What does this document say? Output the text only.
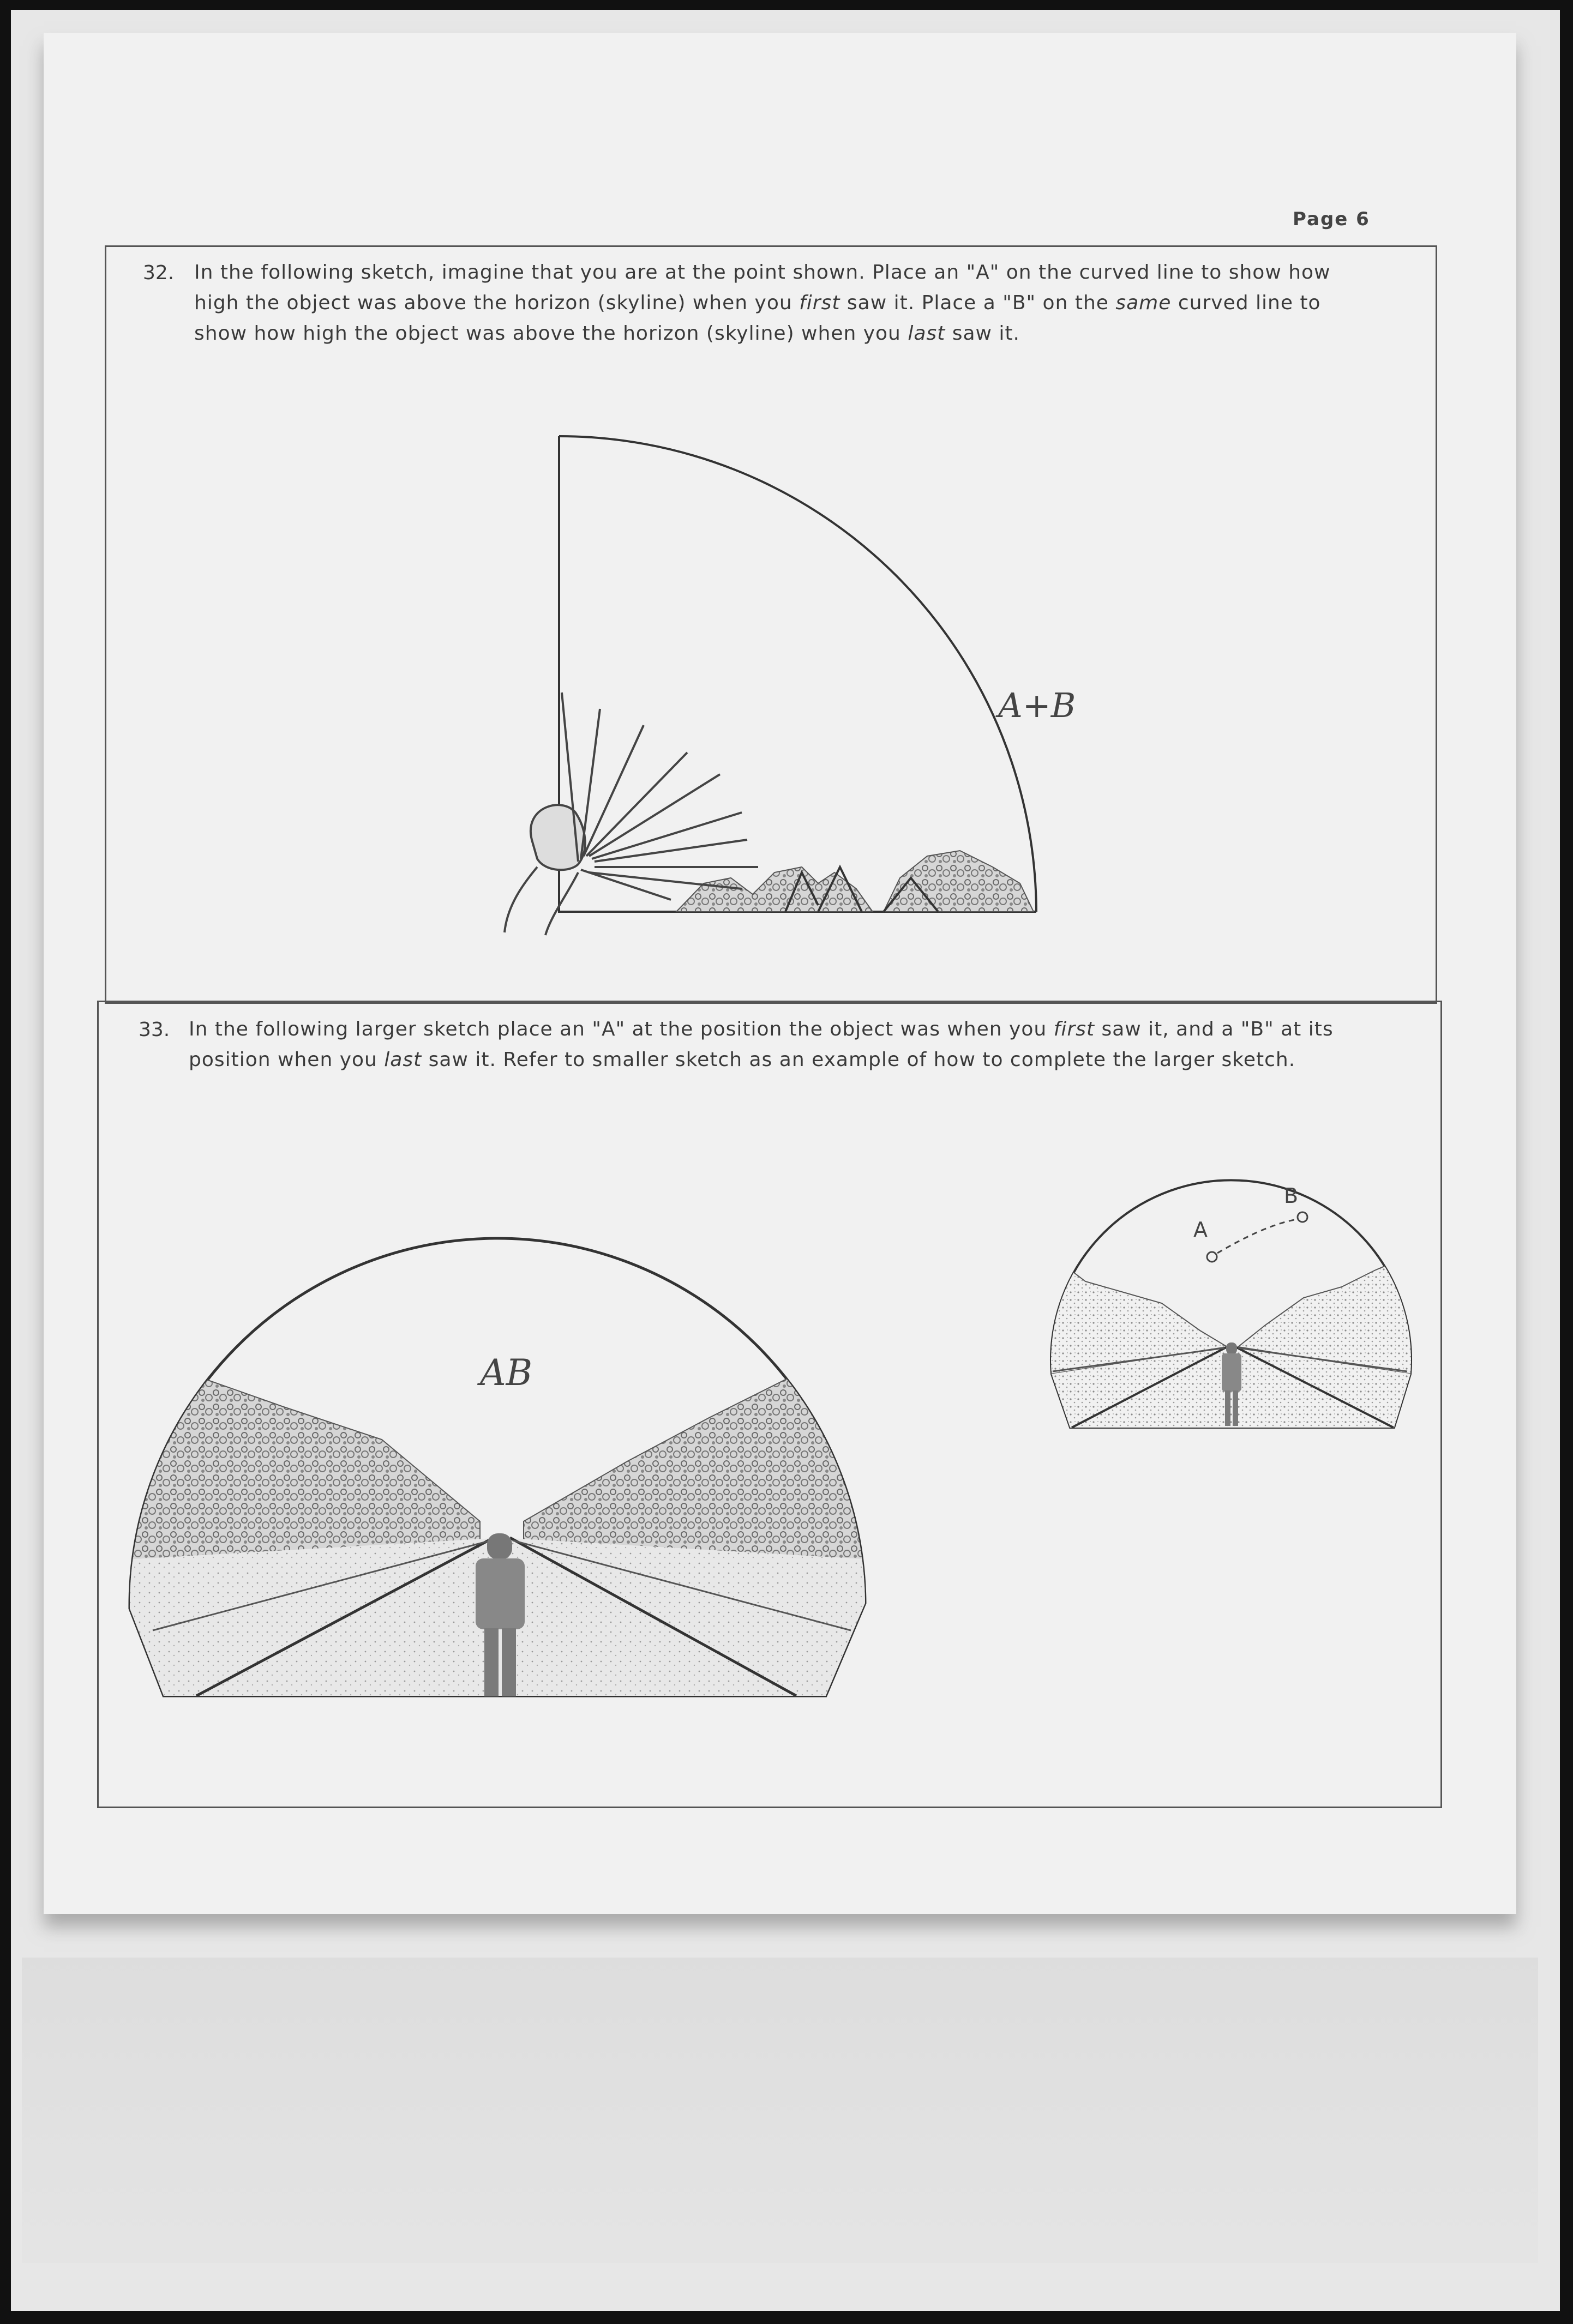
Page 6
32. In the following sketch, imagine that you are at the point shown. Place an "A" on the curved line to show how
high the object was above the horizon (skyline) when you first saw it. Place a "B" on the same curved line to
show how high the object was above the horizon (skyline) when you last saw it.
33. In the following larger sketch place an "A" at the position the object was when you first saw it, and a "B" at its
position when you last saw it. Refer to smaller sketch as an example of how to complete the larger sketch.
A+B
AB
A
B
